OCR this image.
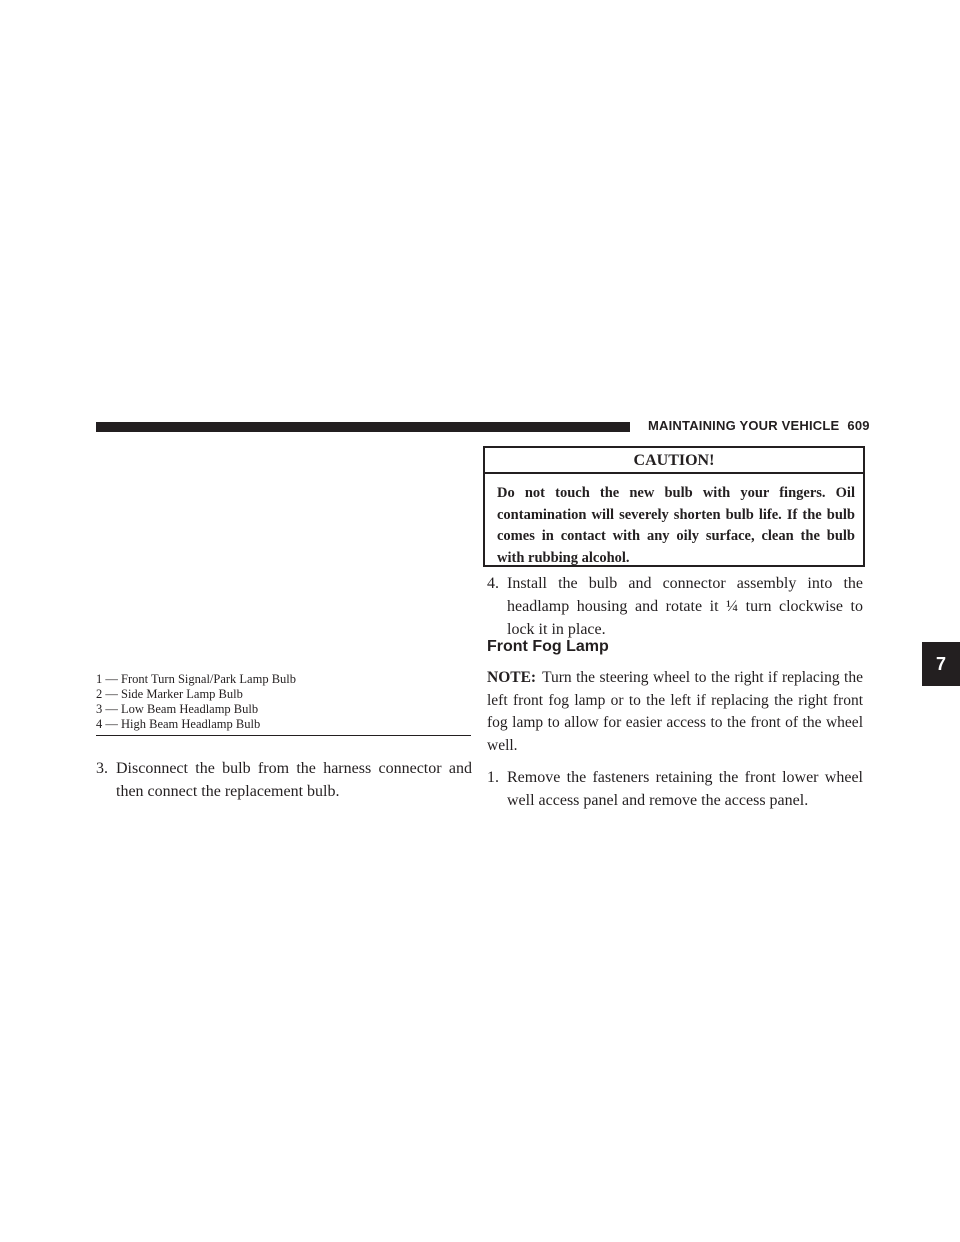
MAINTAINING YOUR VEHICLE 609
7
1 — Front Turn Signal/Park Lamp Bulb
2 — Side Marker Lamp Bulb
3 — Low Beam Headlamp Bulb
4 — High Beam Headlamp Bulb
3. Disconnect the bulb from the harness connector and
then connect the replacement bulb.
CAUTION!
Do not touch the new bulb with your fingers. Oil contamination will severely shorten bulb life. If the bulb comes in contact with any oily surface, clean the bulb with rubbing alcohol.
4. Install the bulb and connector assembly into the
headlamp housing and rotate it ¼ turn clockwise to lock it in place.
Front Fog Lamp
NOTE: Turn the steering wheel to the right if replacing the left front fog lamp or to the left if replacing the right front fog lamp to allow for easier access to the front of the wheel well.
1. Remove the fasteners retaining the front lower wheel
well access panel and remove the access panel.
